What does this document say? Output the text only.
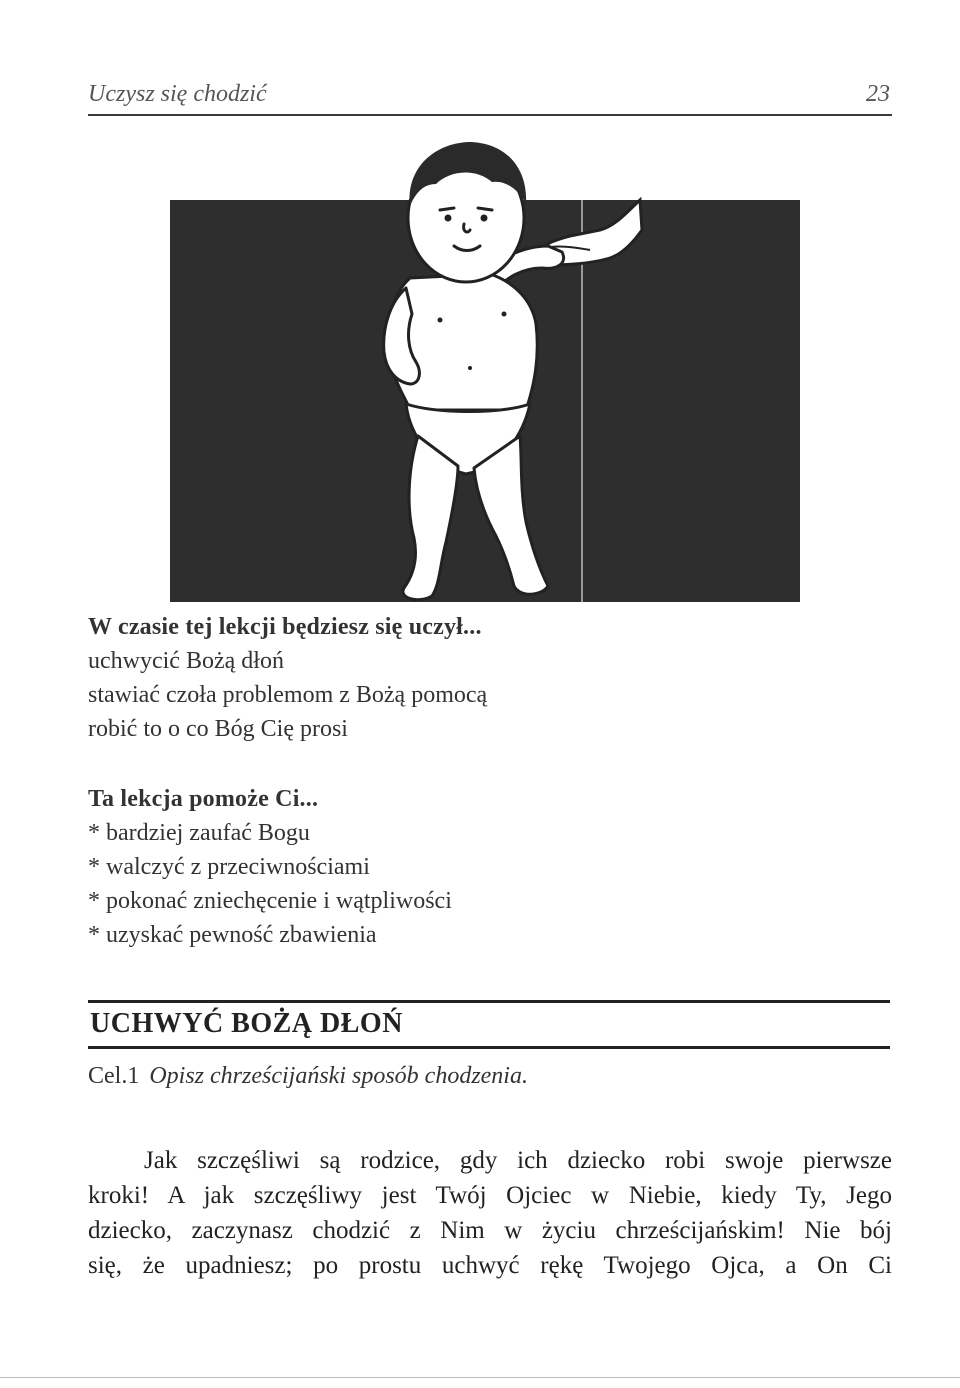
Uczysz się chodzić	23
W czasie tej lekcji będziesz się uczył...
uchwycić Bożą dłoń
stawiać czoła problemom z Bożą pomocą
robić to o co Bóg Cię prosi
Ta lekcja pomoże Ci...
* bardziej zaufać Bogu
* walczyć z przeciwnościami
* pokonać zniechęcenie i wątpliwości
* uzyskać pewność zbawienia
UCHWYĆ BOŻĄ DŁOŃ
Cel.1 Opisz chrześcijański sposób chodzenia.
Jak szczęśliwi są rodzice, gdy ich dziecko robi swoje pierwsze
kroki! A jak szczęśliwy jest Twój Ojciec w Niebie, kiedy Ty, Jego
dziecko, zaczynasz chodzić z Nim w życiu chrześcijańskim! Nie bój
się, że upadniesz; po prostu uchwyć rękę Twojego Ojca, a On Ci
